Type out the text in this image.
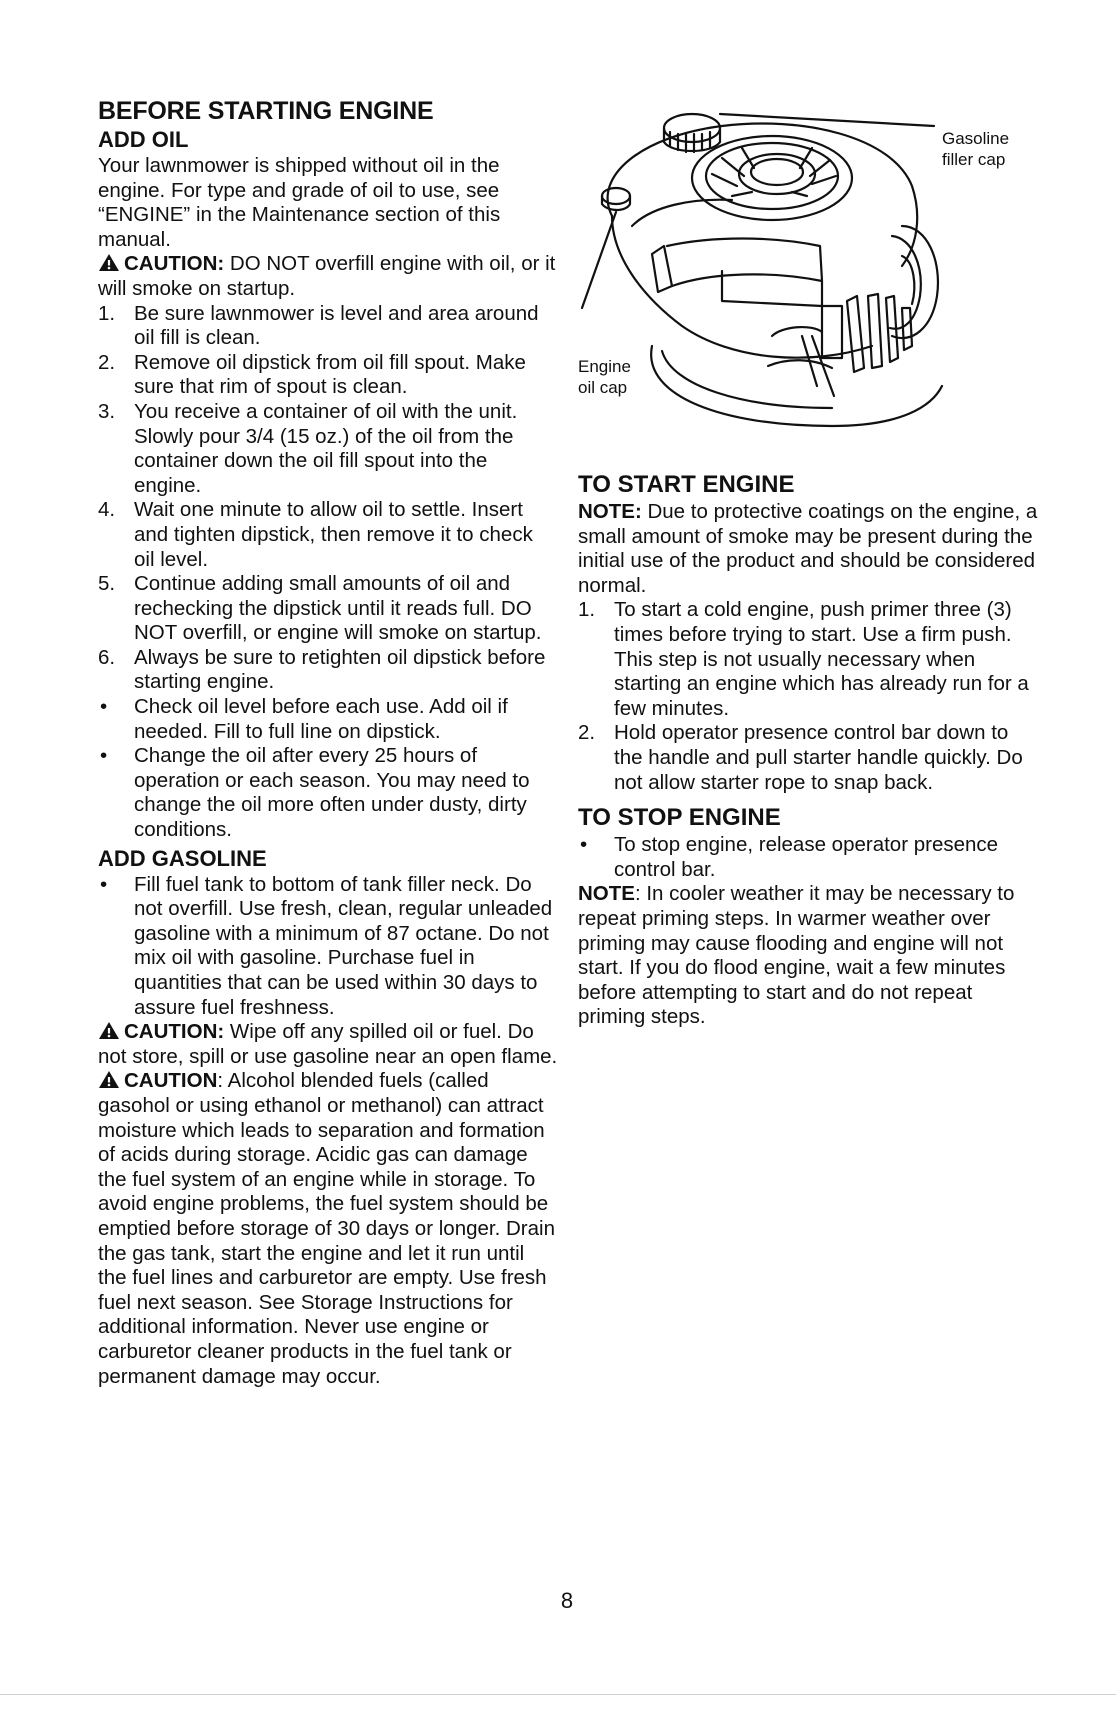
BEFORE STARTING ENGINE
ADD OIL

Your lawnmower is shipped without oil in the engine. For type and grade of oil to use, see “ENGINE” in the Maintenance section of this manual.

CAUTION: DO NOT overfill engine with oil, or it will smoke on startup.

1. Be sure lawnmower is level and area around oil fill is clean.
2. Remove oil dipstick from oil fill spout. Make sure that rim of spout is clean.
3. You receive a container of oil with the unit. Slowly pour 3/4 (15 oz.) of the oil from the container down the oil fill spout into the engine.
4. Wait one minute to allow oil to settle. Insert and tighten dipstick, then remove it to check oil level.
5. Continue adding small amounts of oil and rechecking the dipstick until it reads full. DO NOT overfill, or engine will smoke on startup.
6. Always be sure to retighten oil dipstick before starting engine.
•	Check oil level before each use. Add oil if needed. Fill to full line on dipstick.
•	Change the oil after every 25 hours of operation or each season. You may need to change the oil more often under dusty, dirty conditions.
ADD GASOLINE
•	Fill fuel tank to bottom of tank filler neck. Do not overfill. Use fresh, clean, regular unleaded gasoline with a minimum of 87 octane. Do not mix oil with gasoline. Purchase fuel in quantities that can be used within 30 days to assure fuel freshness.

CAUTION: Wipe off any spilled oil or fuel. Do not store, spill or use gasoline near an open flame.

CAUTION: Alcohol blended fuels (called gasohol or using ethanol or methanol) can attract moisture which leads to separation and formation of acids during storage. Acidic gas can damage the fuel system of an engine while in storage. To avoid engine problems, the fuel system should be emptied before storage of 30 days or longer. Drain the gas tank, start the engine and let it run until the fuel lines and carburetor are empty. Use fresh fuel next season. See Storage Instructions for additional information. Never use engine or carburetor cleaner products in the fuel tank or permanent damage may occur.

Gasoline
filler cap
Engine
oil cap
TO START ENGINE

NOTE: Due to protective coatings on the engine, a small amount of smoke may be present during the initial use of the product and should be considered normal.

1. To start a cold engine, push primer three (3) times before trying to start. Use a firm push. This step is not usually necessary when starting an engine which has already run for a few minutes.
2. Hold operator presence control bar down to the handle and pull starter handle quickly. Do not allow starter rope to snap back.
TO STOP ENGINE
•	To stop engine, release operator presence control bar.

NOTE: In cooler weather it may be necessary to repeat priming steps. In warmer weather over priming may cause flooding and engine will not start. If you do flood engine, wait a few minutes before attempting to start and do not repeat priming steps.

8
